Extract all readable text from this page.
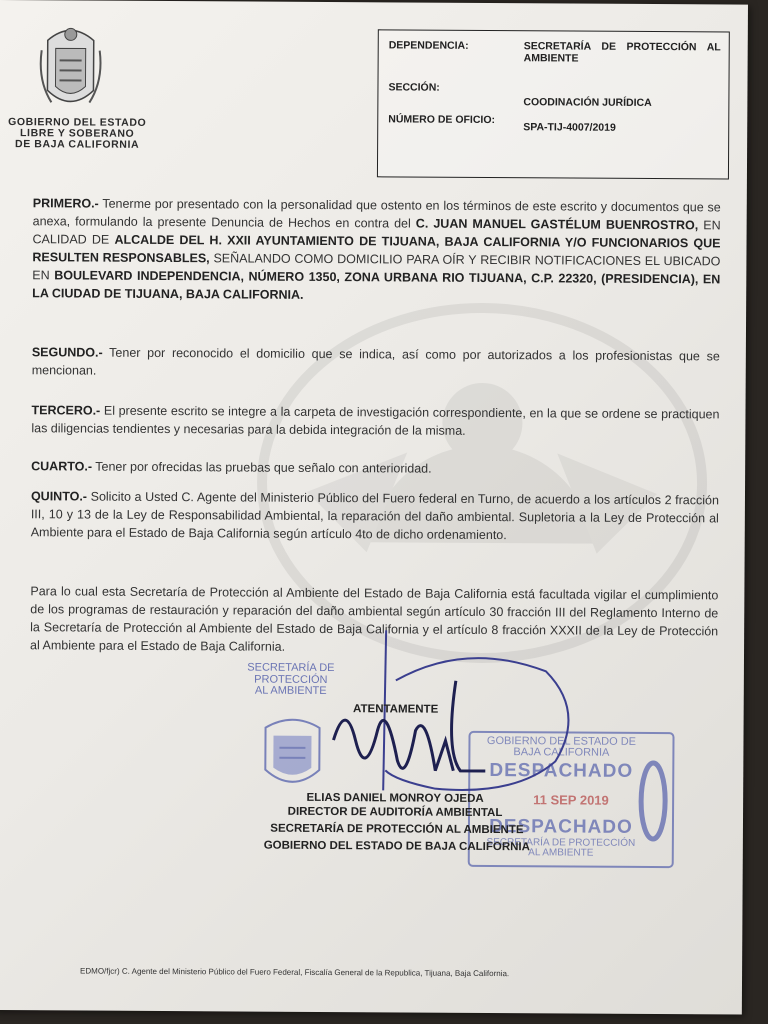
GOBIERNO DEL ESTADO
LIBRE Y SOBERANO
DE BAJA CALIFORNIA
DEPENDENCIA:	SECRETARÍA DE PROTECCIÓN AL AMBIENTE
SECCIÓN:
COODINACIÓN JURÍDICA
NÚMERO DE OFICIO:
SPA-TIJ-4007/2019
PRIMERO.- Tenerme por presentado con la personalidad que ostento en los términos de este escrito y documentos que se anexa, formulando la presente Denuncia de Hechos en contra del C. JUAN MANUEL GASTÉLUM BUENROSTRO, EN CALIDAD DE ALCALDE DEL H. XXII AYUNTAMIENTO DE TIJUANA, BAJA CALIFORNIA Y/O FUNCIONARIOS QUE RESULTEN RESPONSABLES, SEÑALANDO COMO DOMICILIO PARA OÍR Y RECIBIR NOTIFICACIONES EL UBICADO EN BOULEVARD INDEPENDENCIA, NÚMERO 1350, ZONA URBANA RIO TIJUANA, C.P. 22320, (PRESIDENCIA), EN LA CIUDAD DE TIJUANA, BAJA CALIFORNIA.
SEGUNDO.- Tener por reconocido el domicilio que se indica, así como por autorizados a los profesionistas que se mencionan.
TERCERO.- El presente escrito se integre a la carpeta de investigación correspondiente, en la que se ordene se practiquen las diligencias tendientes y necesarias para la debida integración de la misma.
CUARTO.- Tener por ofrecidas las pruebas que señalo con anterioridad.
QUINTO.- Solicito a Usted C. Agente del Ministerio Público del Fuero federal en Turno, de acuerdo a los artículos 2 fracción III, 10 y 13 de la Ley de Responsabilidad Ambiental, la reparación del daño ambiental. Supletoria a la Ley de Protección al Ambiente para el Estado de Baja California según artículo 4to de dicho ordenamiento.
Para lo cual esta Secretaría de Protección al Ambiente del Estado de Baja California está facultada vigilar el cumplimiento de los programas de restauración y reparación del daño ambiental según artículo 30 fracción III del Reglamento Interno de la Secretaría de Protección al Ambiente del Estado de Baja California y el artículo 8 fracción XXXII de la Ley de Protección al Ambiente para el Estado de Baja California.
SECRETARÍA DE
PROTECCIÓN
AL AMBIENTE
GOBIERNO DEL ESTADO DE BAJA CALIFORNIA
DESPACHADO
11 SEP 2019
DESPACHADO
SECRETARÍA DE PROTECCIÓN AL AMBIENTE
ATENTAMENTE
ELIAS DANIEL MONROY OJEDA
DIRECTOR DE AUDITORÍA AMBIENTAL
SECRETARÍA DE PROTECCIÓN AL AMBIENTE
GOBIERNO DEL ESTADO DE BAJA CALIFORNIA
EDMO/fjcr) C. Agente del Ministerio Público del Fuero Federal, Fiscalía General de la Republica, Tijuana, Baja California.
